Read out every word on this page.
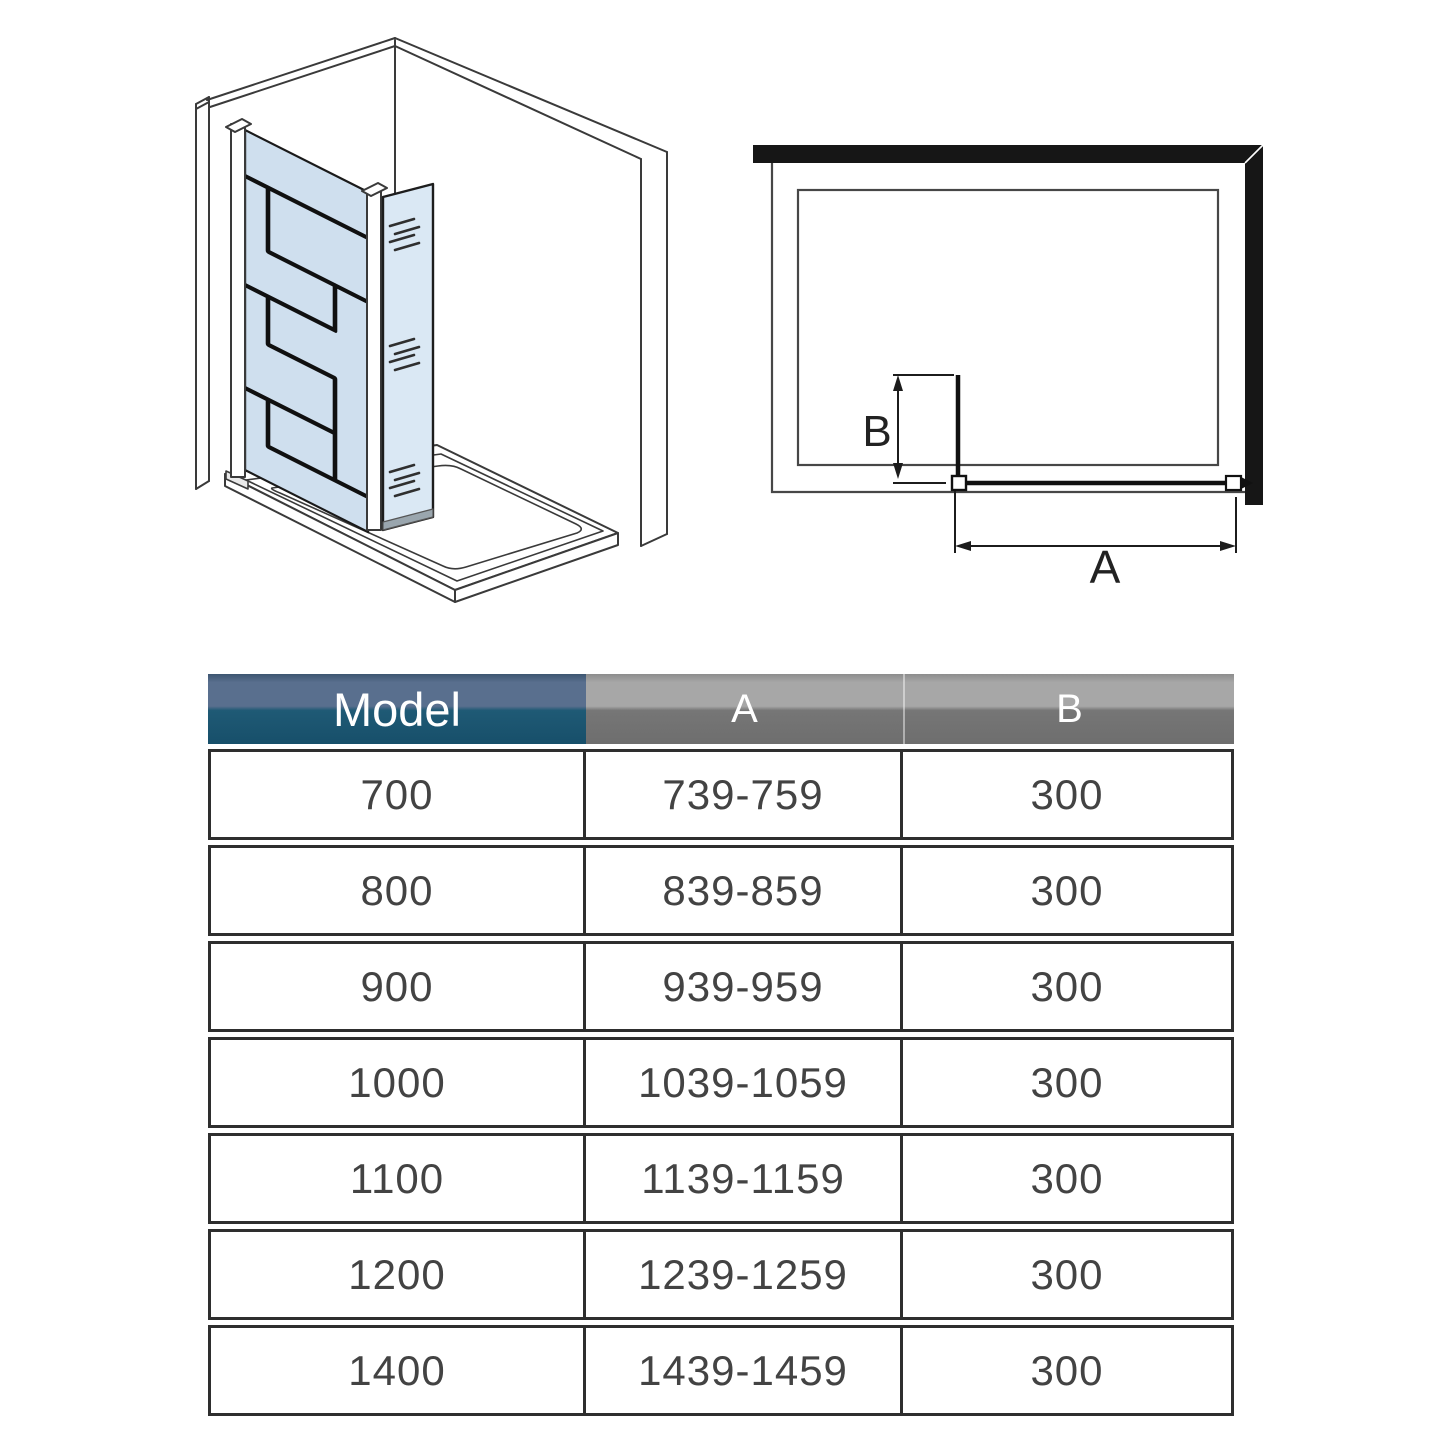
B
A
Model	A	B
700	739-759	300
800	839-859	300
900	939-959	300
1000	1039-1059	300
1100	1139-1159	300
1200	1239-1259	300
1400	1439-1459	300
